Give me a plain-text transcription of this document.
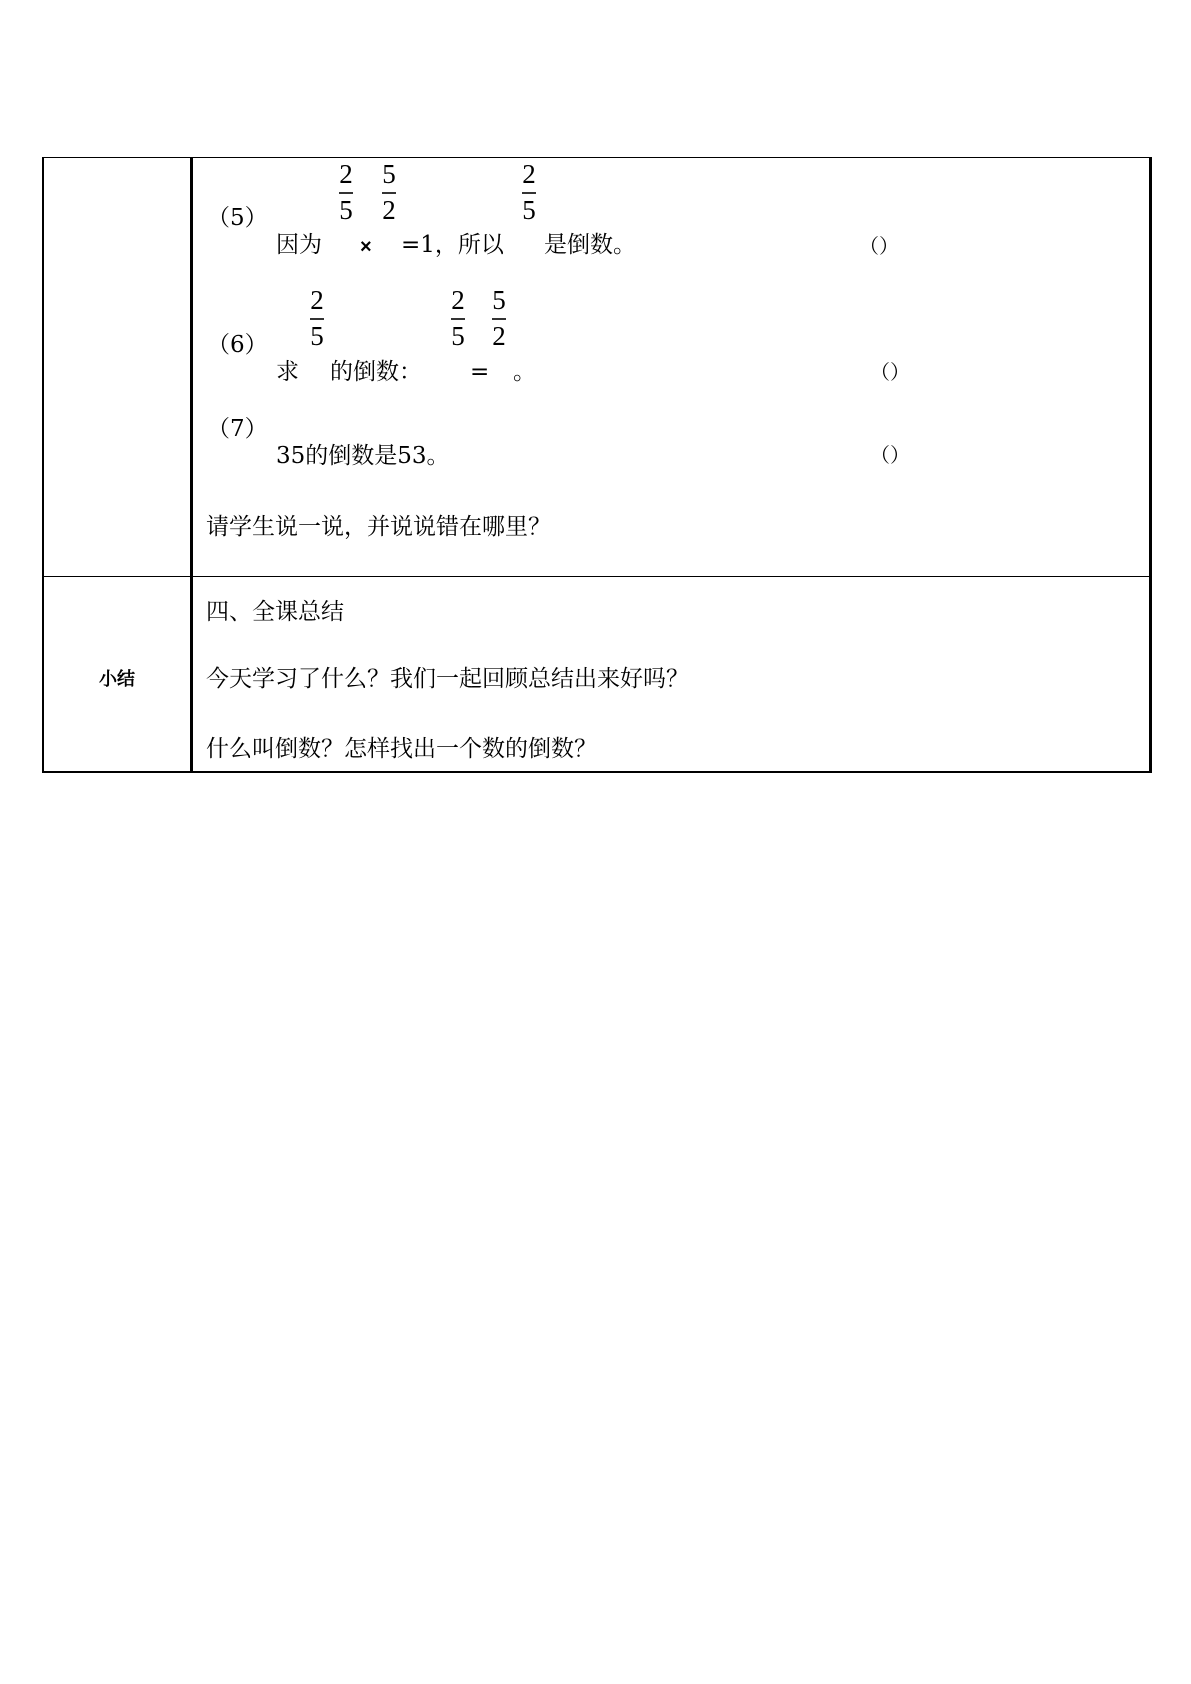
（5）
2
5
5
2
2
5
因为 × =1，所以 是倒数。	（）
（6）
2
5
2
5
5
2
求 的倒数： = 。	（）
（7）
35的倒数是53。	（）
请学生说一说，并说说错在哪里？
小结
四、全课总结
今天学习了什么？我们一起回顾总结出来好吗？
什么叫倒数？怎样找出一个数的倒数？
